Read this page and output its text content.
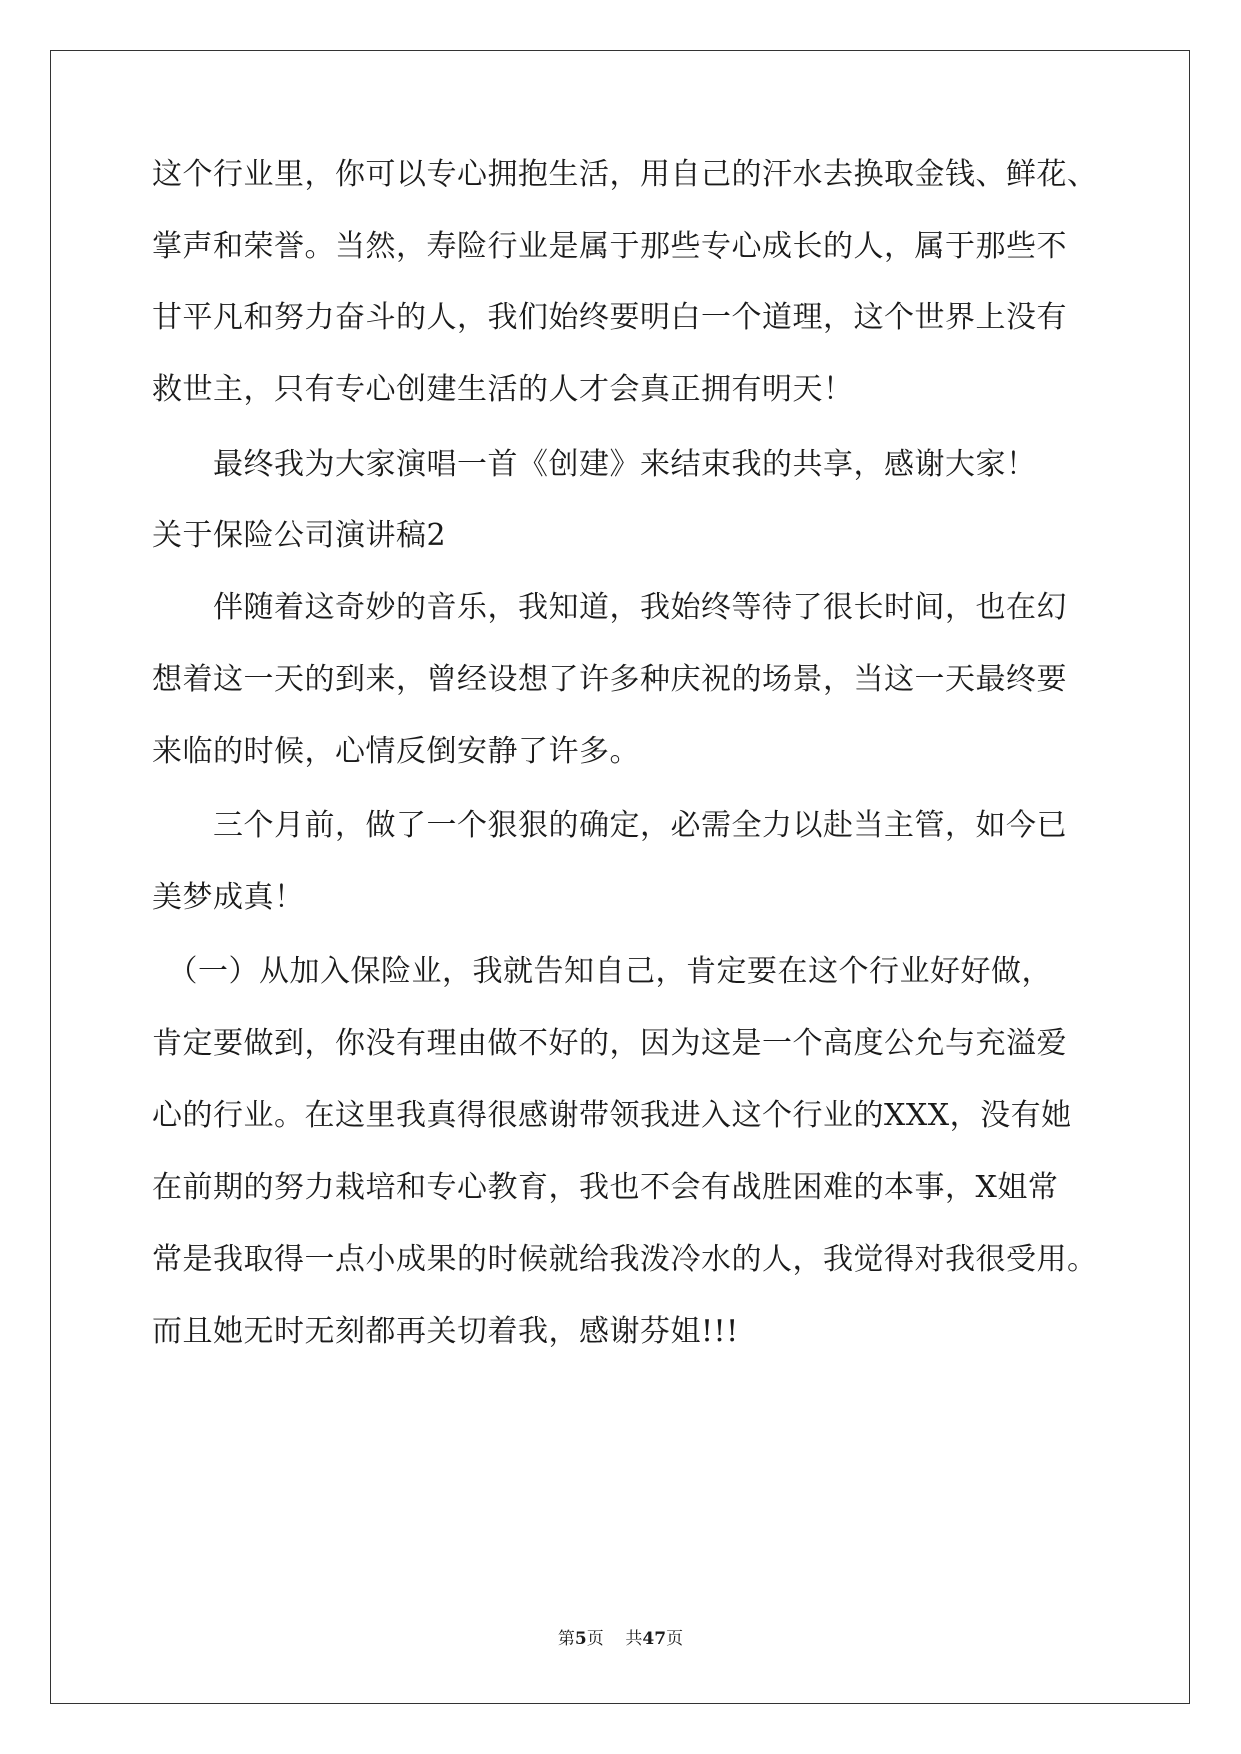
这个行业里，你可以专心拥抱生活，用自己的汗水去换取金钱、鲜花、
掌声和荣誉。当然，寿险行业是属于那些专心成长的人，属于那些不
甘平凡和努力奋斗的人，我们始终要明白一个道理，这个世界上没有
救世主，只有专心创建生活的人才会真正拥有明天！
　　最终我为大家演唱一首《创建》来结束我的共享，感谢大家！
关于保险公司演讲稿2
　　伴随着这奇妙的音乐，我知道，我始终等待了很长时间，也在幻
想着这一天的到来，曾经设想了许多种庆祝的场景，当这一天最终要
来临的时候，心情反倒安静了许多。
　　三个月前，做了一个狠狠的确定，必需全力以赴当主管，如今已
美梦成真！
　（一）从加入保险业，我就告知自己，肯定要在这个行业好好做，
肯定要做到，你没有理由做不好的，因为这是一个高度公允与充溢爱
心的行业。在这里我真得很感谢带领我进入这个行业的XXX，没有她
在前期的努力栽培和专心教育，我也不会有战胜困难的本事，X姐常
常是我取得一点小成果的时候就给我泼冷水的人，我觉得对我很受用。
而且她无时无刻都再关切着我，感谢芬姐!!!
第5页 共47页
